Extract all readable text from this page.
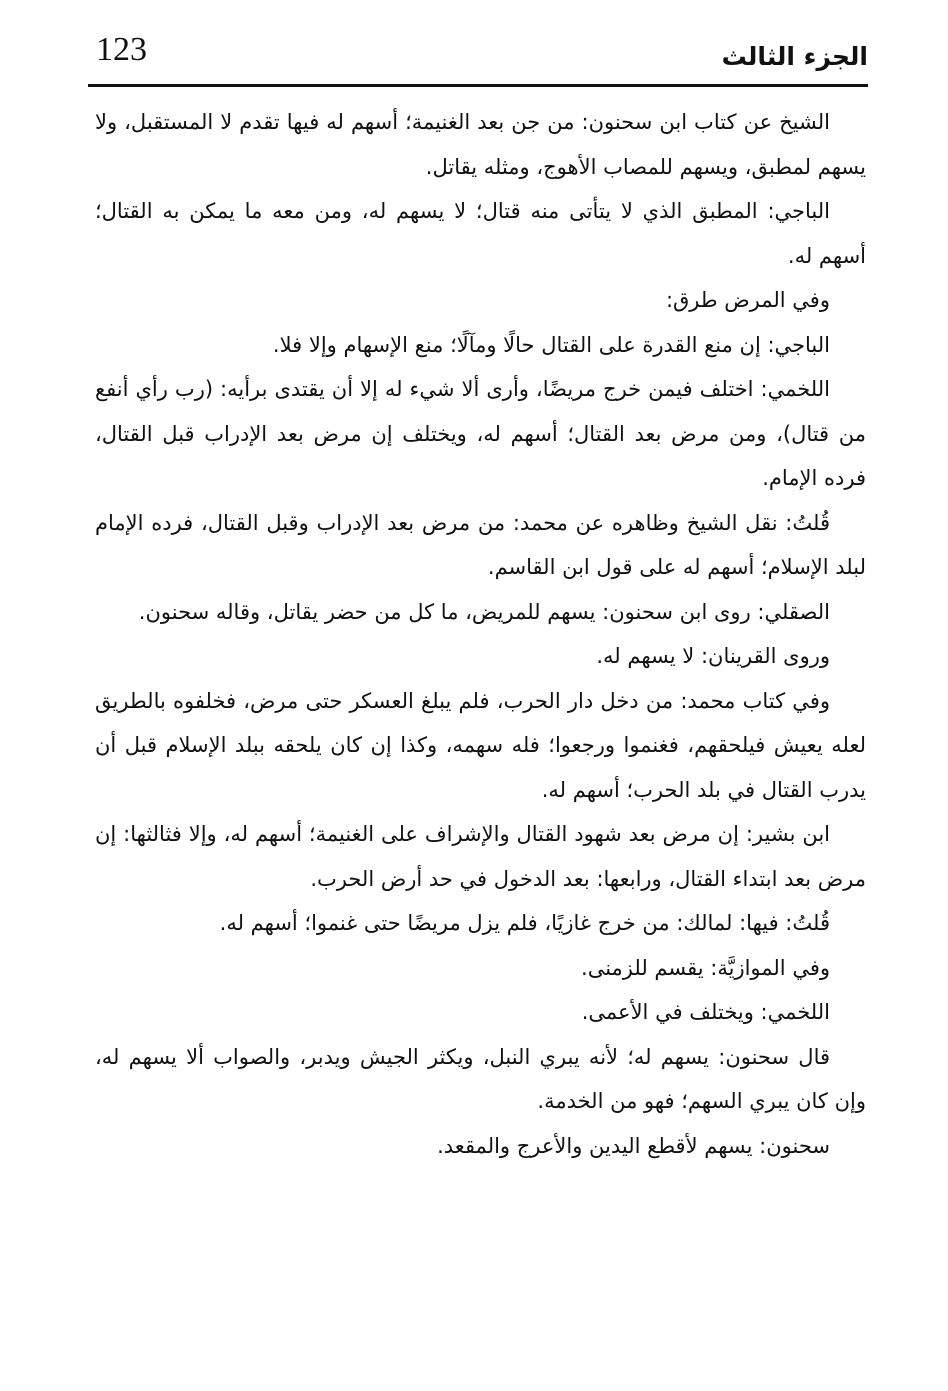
123	الجزء الثالث

الشيخ عن كتاب ابن سحنون: من جن بعد الغنيمة؛ أسهم له فيها تقدم لا المستقبل، ولا يسهم لمطبق، ويسهم للمصاب الأهوج، ومثله يقاتل.

الباجي: المطبق الذي لا يتأتى منه قتال؛ لا يسهم له، ومن معه ما يمكن به القتال؛ أسهم له.

وفي المرض طرق:

الباجي: إن منع القدرة على القتال حالًا ومآلًا؛ منع الإسهام وإلا فلا.

اللخمي: اختلف فيمن خرج مريضًا، وأرى ألا شيء له إلا أن يقتدى برأيه: (رب رأي أنفع من قتال)، ومن مرض بعد القتال؛ أسهم له، ويختلف إن مرض بعد الإدراب قبل القتال، فرده الإمام.

قُلتُ: نقل الشيخ وظاهره عن محمد: من مرض بعد الإدراب وقبل القتال، فرده الإمام لبلد الإسلام؛ أسهم له على قول ابن القاسم.

الصقلي: روى ابن سحنون: يسهم للمريض، ما كل من حضر يقاتل، وقاله سحنون.

وروى القرينان: لا يسهم له.

وفي كتاب محمد: من دخل دار الحرب، فلم يبلغ العسكر حتى مرض، فخلفوه بالطريق لعله يعيش فيلحقهم، فغنموا ورجعوا؛ فله سهمه، وكذا إن كان يلحقه ببلد الإسلام قبل أن يدرب القتال في بلد الحرب؛ أسهم له.

ابن بشير: إن مرض بعد شهود القتال والإشراف على الغنيمة؛ أسهم له، وإلا فثالثها: إن مرض بعد ابتداء القتال، ورابعها: بعد الدخول في حد أرض الحرب.

قُلتُ: فيها: لمالك: من خرج غازيًا، فلم يزل مريضًا حتى غنموا؛ أسهم له.

وفي الموازيَّة: يقسم للزمنى.

اللخمي: ويختلف في الأعمى.

قال سحنون: يسهم له؛ لأنه يبري النبل، ويكثر الجيش ويدبر، والصواب ألا يسهم له، وإن كان يبري السهم؛ فهو من الخدمة.

سحنون: يسهم لأقطع اليدين والأعرج والمقعد.
